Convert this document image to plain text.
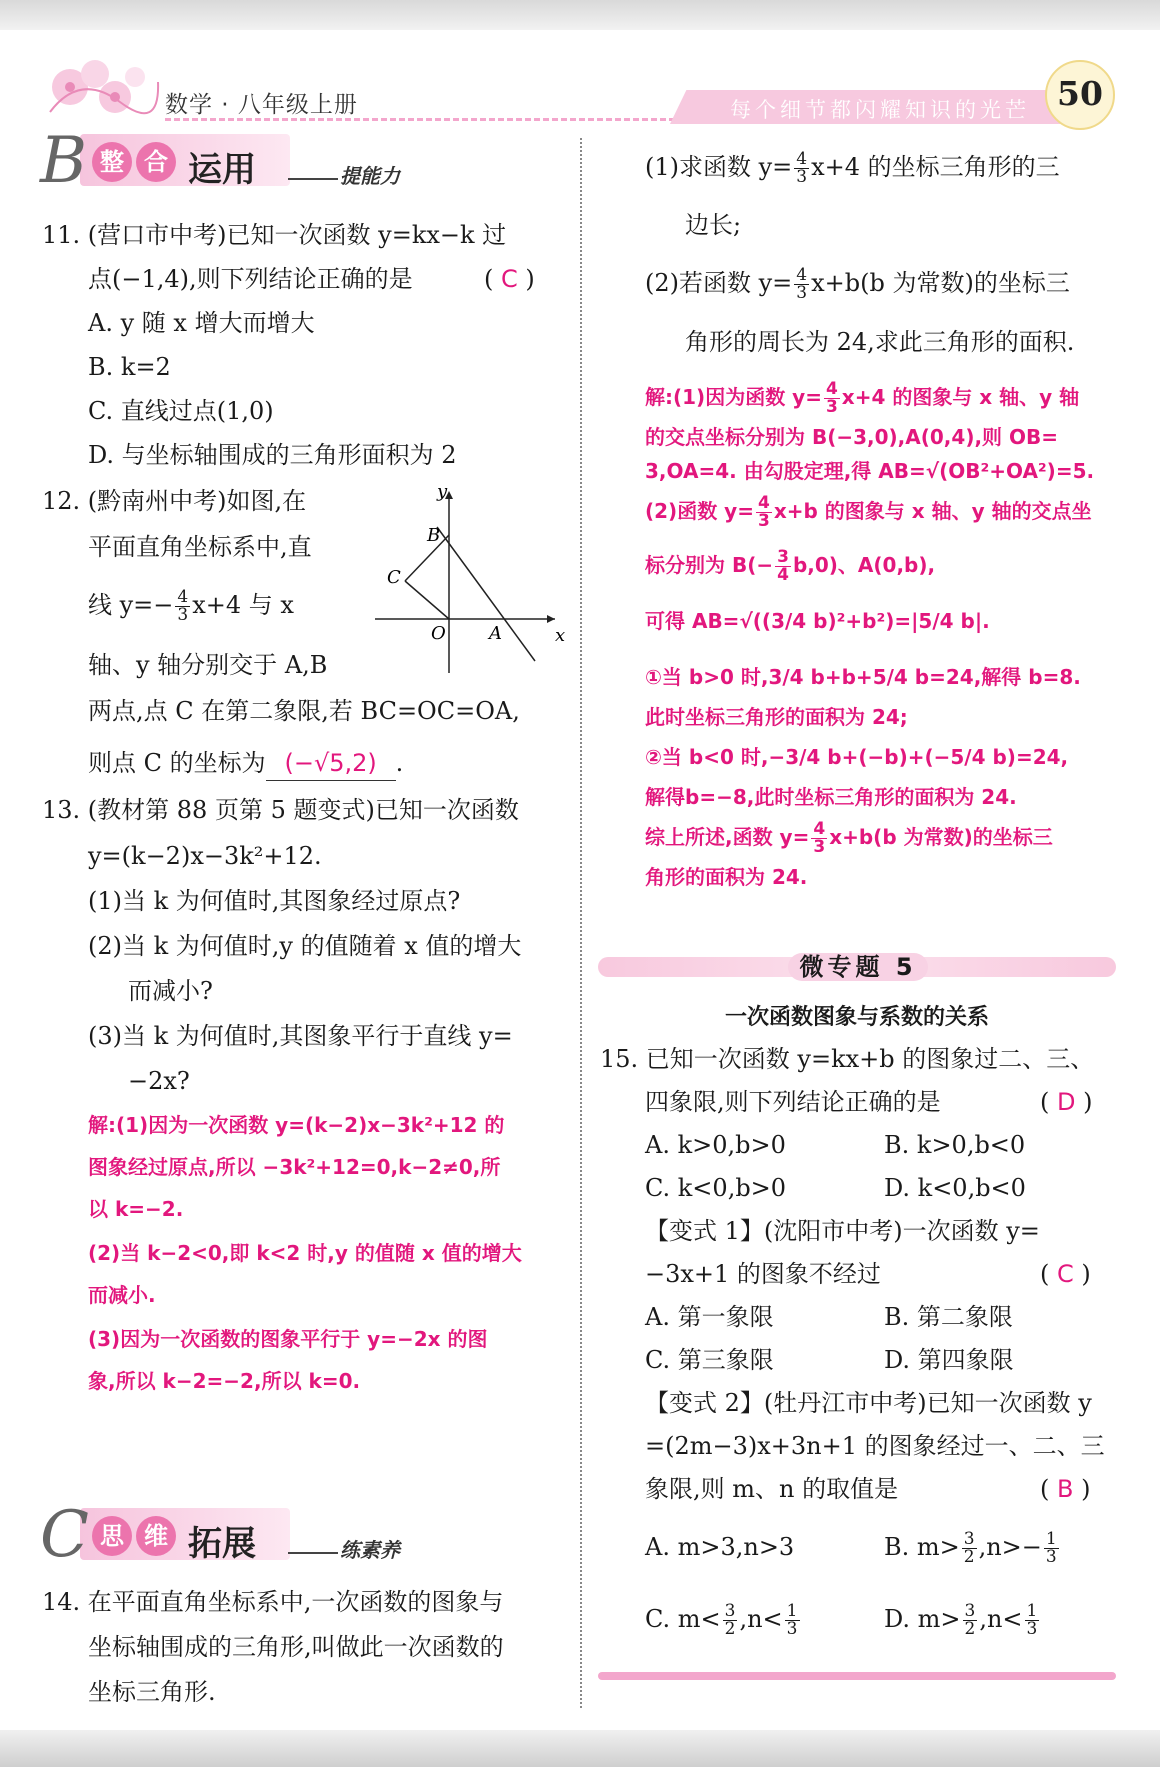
数学 · 八年级上册	每个细节都闪耀知识的光芒 50
B 整 合 运用	提能力
11. (营口市中考)已知一次函数 y=kx−k 过
点(−1,4),则下列结论正确的是	( C )
A. y 随 x 增大而增大
B. k=2
C. 直线过点(1,0)
D. 与坐标轴围成的三角形面积为 2
12. (黔南州中考)如图,在
平面直角坐标系中,直
线 $y=- \frac{4}{3} x+4$ 与 x
轴、y 轴分别交于 A,B
两点,点 C 在第二象限,若 BC=OC=OA,
则点 C 的坐标为 (−√5,2) .
y
x
B
C
O A
13. (教材第 88 页第 5 题变式)已知一次函数
y=(k−2)x−3k²+12.
(1)当 k 为何值时,其图象经过原点?
(2)当 k 为何值时,y 的值随着 x 值的增大
而减小?
(3)当 k 为何值时,其图象平行于直线 y=
−2x?
解:(1)因为一次函数 y=(k−2)x−3k²+12 的
图象经过原点,所以 −3k²+12=0,k−2≠0,所
以 k=−2.
(2)当 k−2<0,即 k<2 时,y 的值随 x 值的增大
而减小.
(3)因为一次函数的图象平行于 y=−2x 的图
象,所以 k−2=−2,所以 k=0.
C 思 维 拓展	练素养
14. 在平面直角坐标系中,一次函数的图象与
坐标轴围成的三角形,叫做此一次函数的
坐标三角形.
(1)求函数 $y= \frac{4}{3} x+4$ 的坐标三角形的三
边长;
(2)若函数 $y= \frac{4}{3} x+b(b$ 为常数)的坐标三
角形的周长为 24,求此三角形的面积.
解:(1)因为函数 $y= \frac{4}{3} x+4$ 的图象与 x 轴、y 轴
的交点坐标分别为 B(−3,0),A(0,4),则 OB=
3,OA=4. 由勾股定理,得 AB=√(OB²+OA²)=5.
(2)函数 $y= \frac{4}{3} x+b$ 的图象与 x 轴、y 轴的交点坐
标分别为 $B(- \frac{3}{4} b,0)$、A(0,b),
可得 AB=√((3/4 b)²+b²)=|5/4 b|.
①当 b>0 时,3/4 b+b+5/4 b=24,解得 b=8.
此时坐标三角形的面积为 24;
②当 b<0 时,−3/4 b+(−b)+(−5/4 b)=24,
解得b=−8,此时坐标三角形的面积为 24.
综上所述,函数 $y= \frac{4}{3} x+b(b$ 为常数)的坐标三
角形的面积为 24.
微专题 5
一次函数图象与系数的关系
15. 已知一次函数 y=kx+b 的图象过二、三、
四象限,则下列结论正确的是	( D )
A. k>0,b>0	B. k>0,b<0
C. k<0,b>0	D. k<0,b<0
【变式 1】(沈阳市中考)一次函数 y=
−3x+1 的图象不经过	( C )
A. 第一象限	B. 第二象限
C. 第三象限	D. 第四象限
【变式 2】(牡丹江市中考)已知一次函数 y
=(2m−3)x+3n+1 的图象经过一、二、三
象限,则 m、n 的取值是	( B )
A. m>3,n>3	B. $m> \frac{3}{2} ,n>- \frac{1}{3}$
C. $m< \frac{3}{2} ,n< \frac{1}{3}$	D. $m> \frac{3}{2} ,n< \frac{1}{3}$
